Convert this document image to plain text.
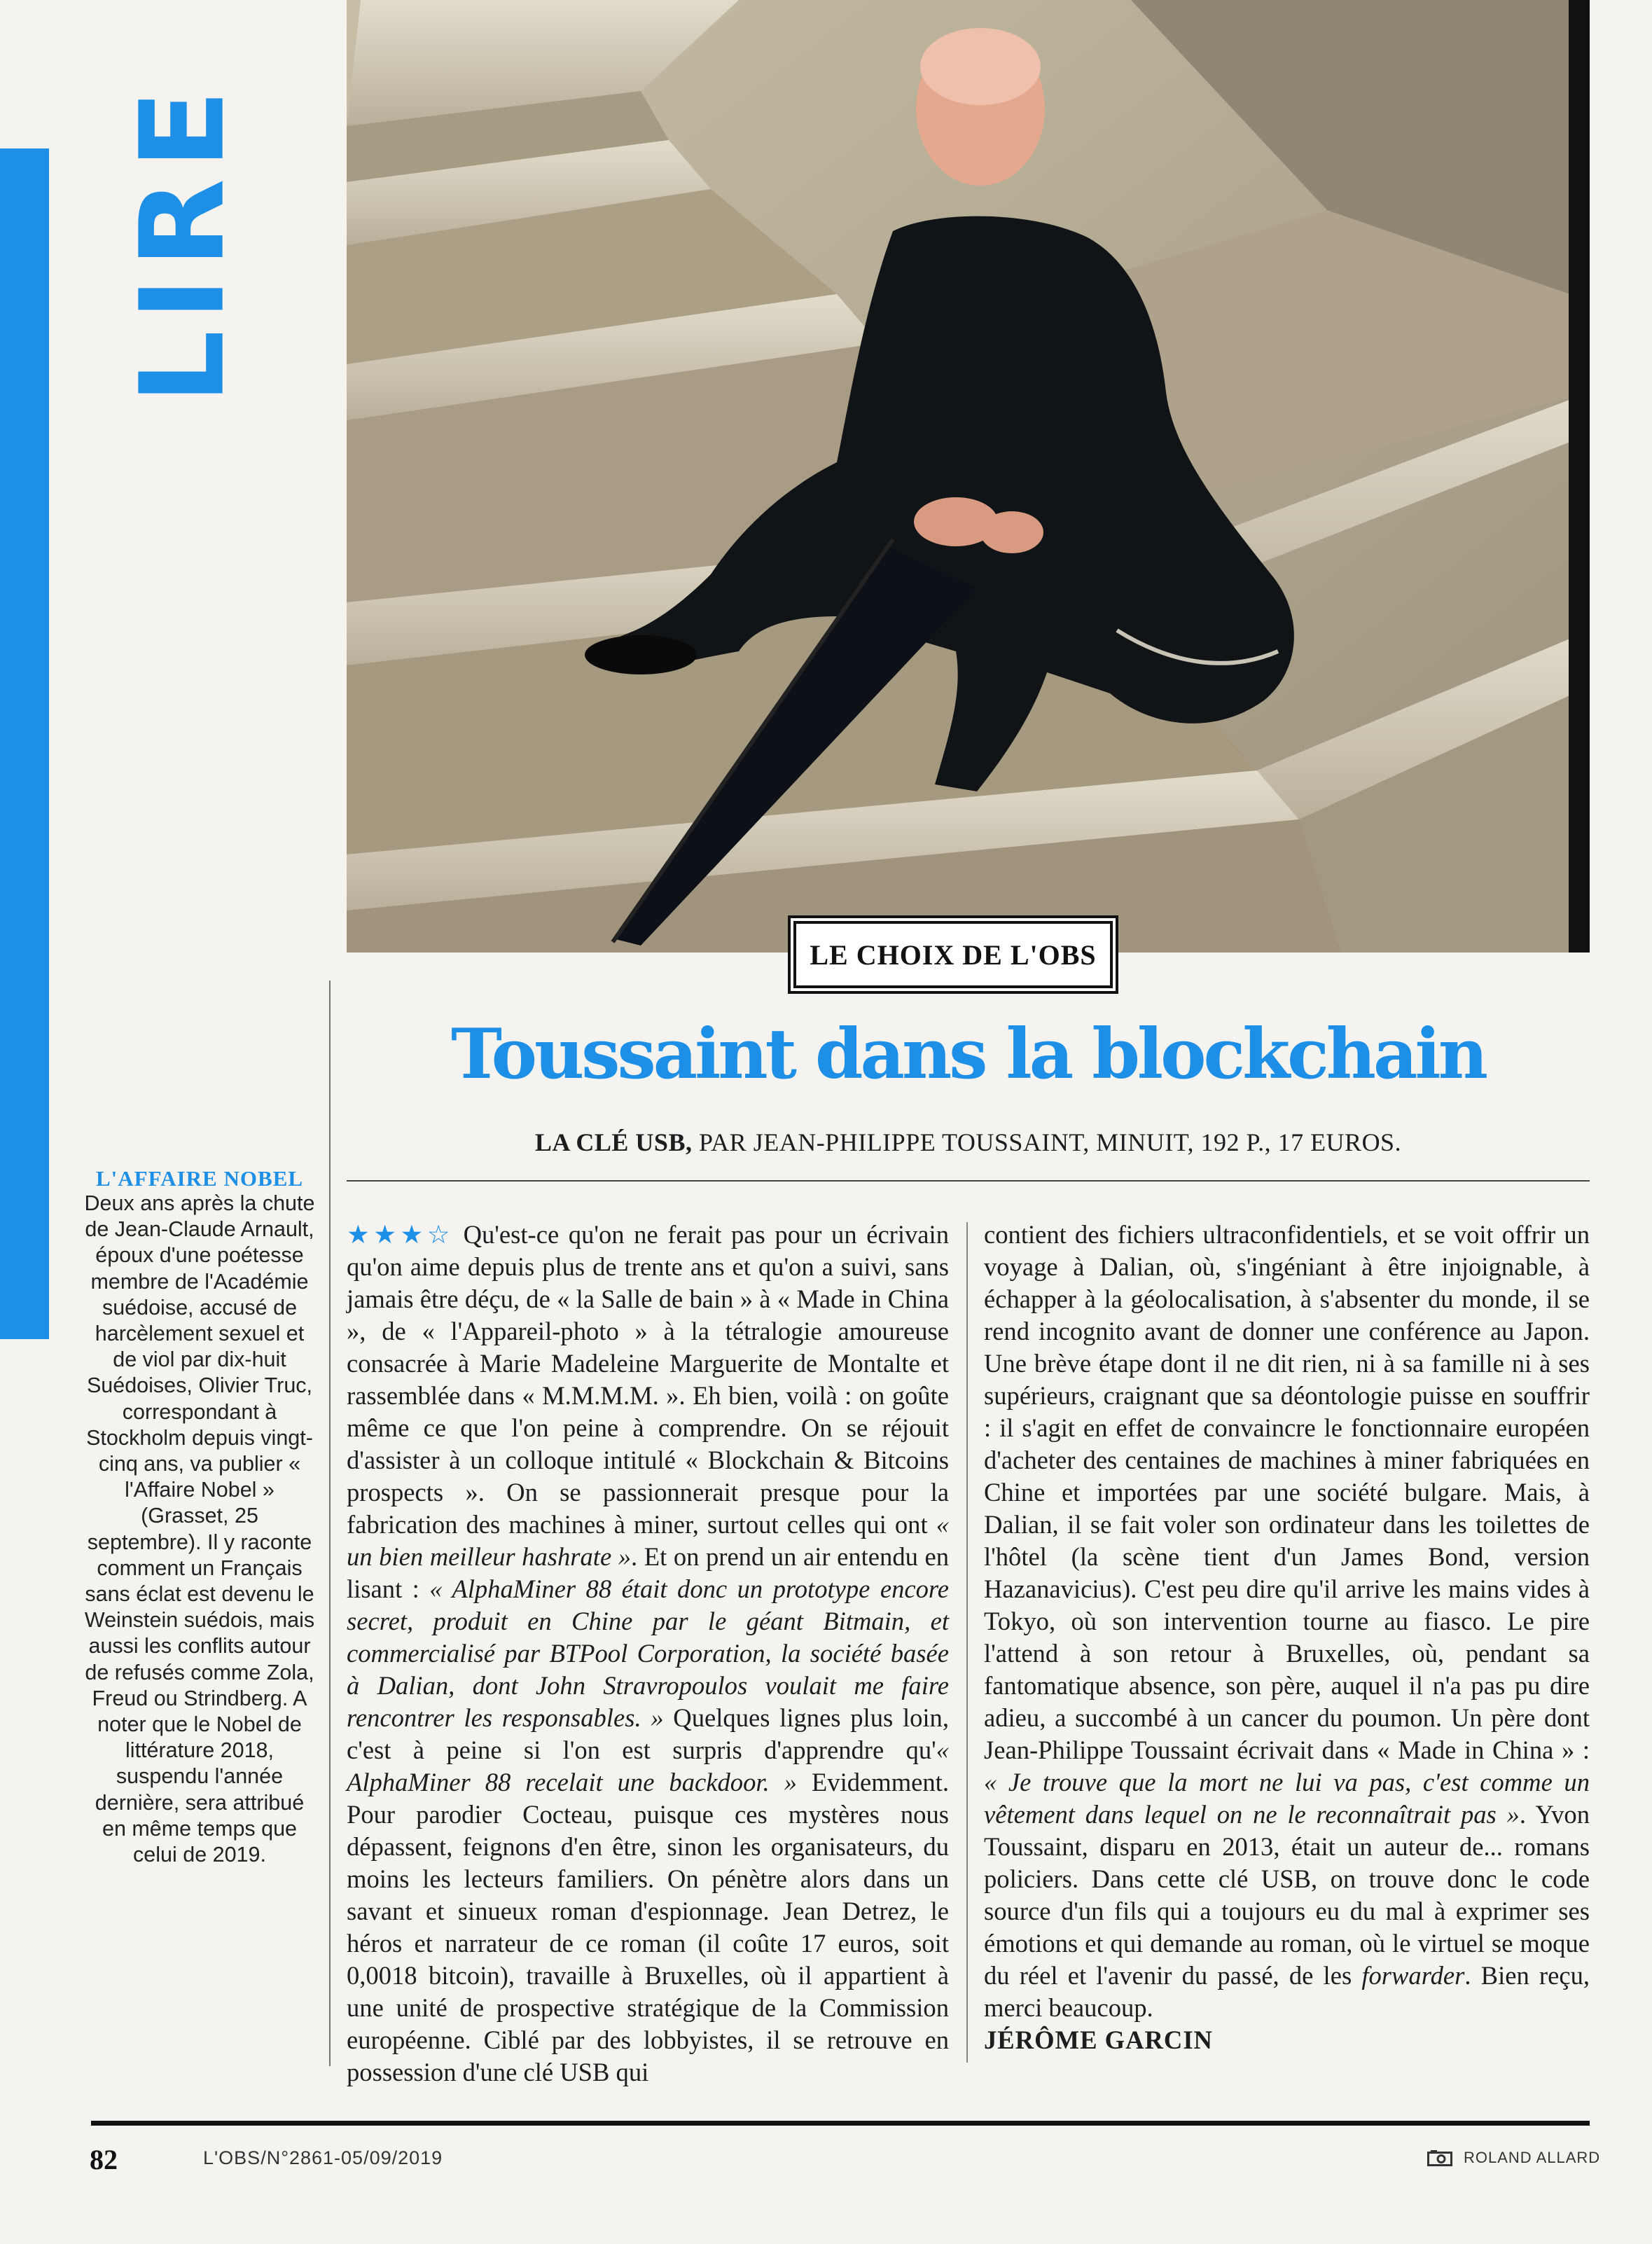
LIRE
LE CHOIX DE L'OBS
Toussaint dans la blockchain
LA CLÉ USB, PAR JEAN-PHILIPPE TOUSSAINT, MINUIT, 192 P., 17 EUROS.
L'AFFAIRE NOBEL
Deux ans après la chute de Jean-Claude Arnault, époux d'une poétesse membre de l'Académie suédoise, accusé de harcèlement sexuel et de viol par dix-huit Suédoises, Olivier Truc, correspondant à Stockholm depuis vingt-cinq ans, va publier « l'Affaire Nobel » (Grasset, 25 septembre). Il y raconte comment un Français sans éclat est devenu le Weinstein suédois, mais aussi les conflits autour de refusés comme Zola, Freud ou Strindberg. A noter que le Nobel de littérature 2018, suspendu l'année dernière, sera attribué en même temps que celui de 2019.
★★★☆ Qu'est-ce qu'on ne ferait pas pour un écrivain qu'on aime depuis plus de trente ans et qu'on a suivi, sans jamais être déçu, de « la Salle de bain » à « Made in China », de « l'Appareil-photo » à la tétralogie amoureuse consacrée à Marie Madeleine Marguerite de Montalte et rassemblée dans « M.M.M.M. ». Eh bien, voilà : on goûte même ce que l'on peine à comprendre. On se réjouit d'assister à un colloque intitulé « Blockchain & Bitcoins prospects ». On se passionnerait presque pour la fabrication des machines à miner, surtout celles qui ont « un bien meilleur hashrate ». Et on prend un air entendu en lisant : « AlphaMiner 88 était donc un prototype encore secret, produit en Chine par le géant Bitmain, et commercialisé par BTPool Corporation, la société basée à Dalian, dont John Stravropoulos voulait me faire rencontrer les responsables. » Quelques lignes plus loin, c'est à peine si l'on est surpris d'apprendre qu'« AlphaMiner 88 recelait une backdoor. » Evidemment. Pour parodier Cocteau, puisque ces mystères nous dépassent, feignons d'en être, sinon les organisateurs, du moins les lecteurs familiers. On pénètre alors dans un savant et sinueux roman d'espionnage. Jean Detrez, le héros et narrateur de ce roman (il coûte 17 euros, soit 0,0018 bitcoin), travaille à Bruxelles, où il appartient à une unité de prospective stratégique de la Commission européenne. Ciblé par des lobbyistes, il se retrouve en possession d'une clé USB qui
contient des fichiers ultraconfidentiels, et se voit offrir un voyage à Dalian, où, s'ingéniant à être injoignable, à échapper à la géolocalisation, à s'absenter du monde, il se rend incognito avant de donner une conférence au Japon. Une brève étape dont il ne dit rien, ni à sa famille ni à ses supérieurs, craignant que sa déontologie puisse en souffrir : il s'agit en effet de convaincre le fonctionnaire européen d'acheter des centaines de machines à miner fabriquées en Chine et importées par une société bulgare. Mais, à Dalian, il se fait voler son ordinateur dans les toilettes de l'hôtel (la scène tient d'un James Bond, version Hazanavicius). C'est peu dire qu'il arrive les mains vides à Tokyo, où son intervention tourne au fiasco. Le pire l'attend à son retour à Bruxelles, où, pendant sa fantomatique absence, son père, auquel il n'a pas pu dire adieu, a succombé à un cancer du poumon. Un père dont Jean-Philippe Toussaint écrivait dans « Made in China » : « Je trouve que la mort ne lui va pas, c'est comme un vêtement dans lequel on ne le reconnaîtrait pas ». Yvon Toussaint, disparu en 2013, était un auteur de... romans policiers. Dans cette clé USB, on trouve donc le code source d'un fils qui a toujours eu du mal à exprimer ses émotions et qui demande au roman, où le virtuel se moque du réel et l'avenir du passé, de les forwarder. Bien reçu, merci beaucoup.
JÉRÔME GARCIN
82	L'OBS/N°2861-05/09/2019	ROLAND ALLARD
